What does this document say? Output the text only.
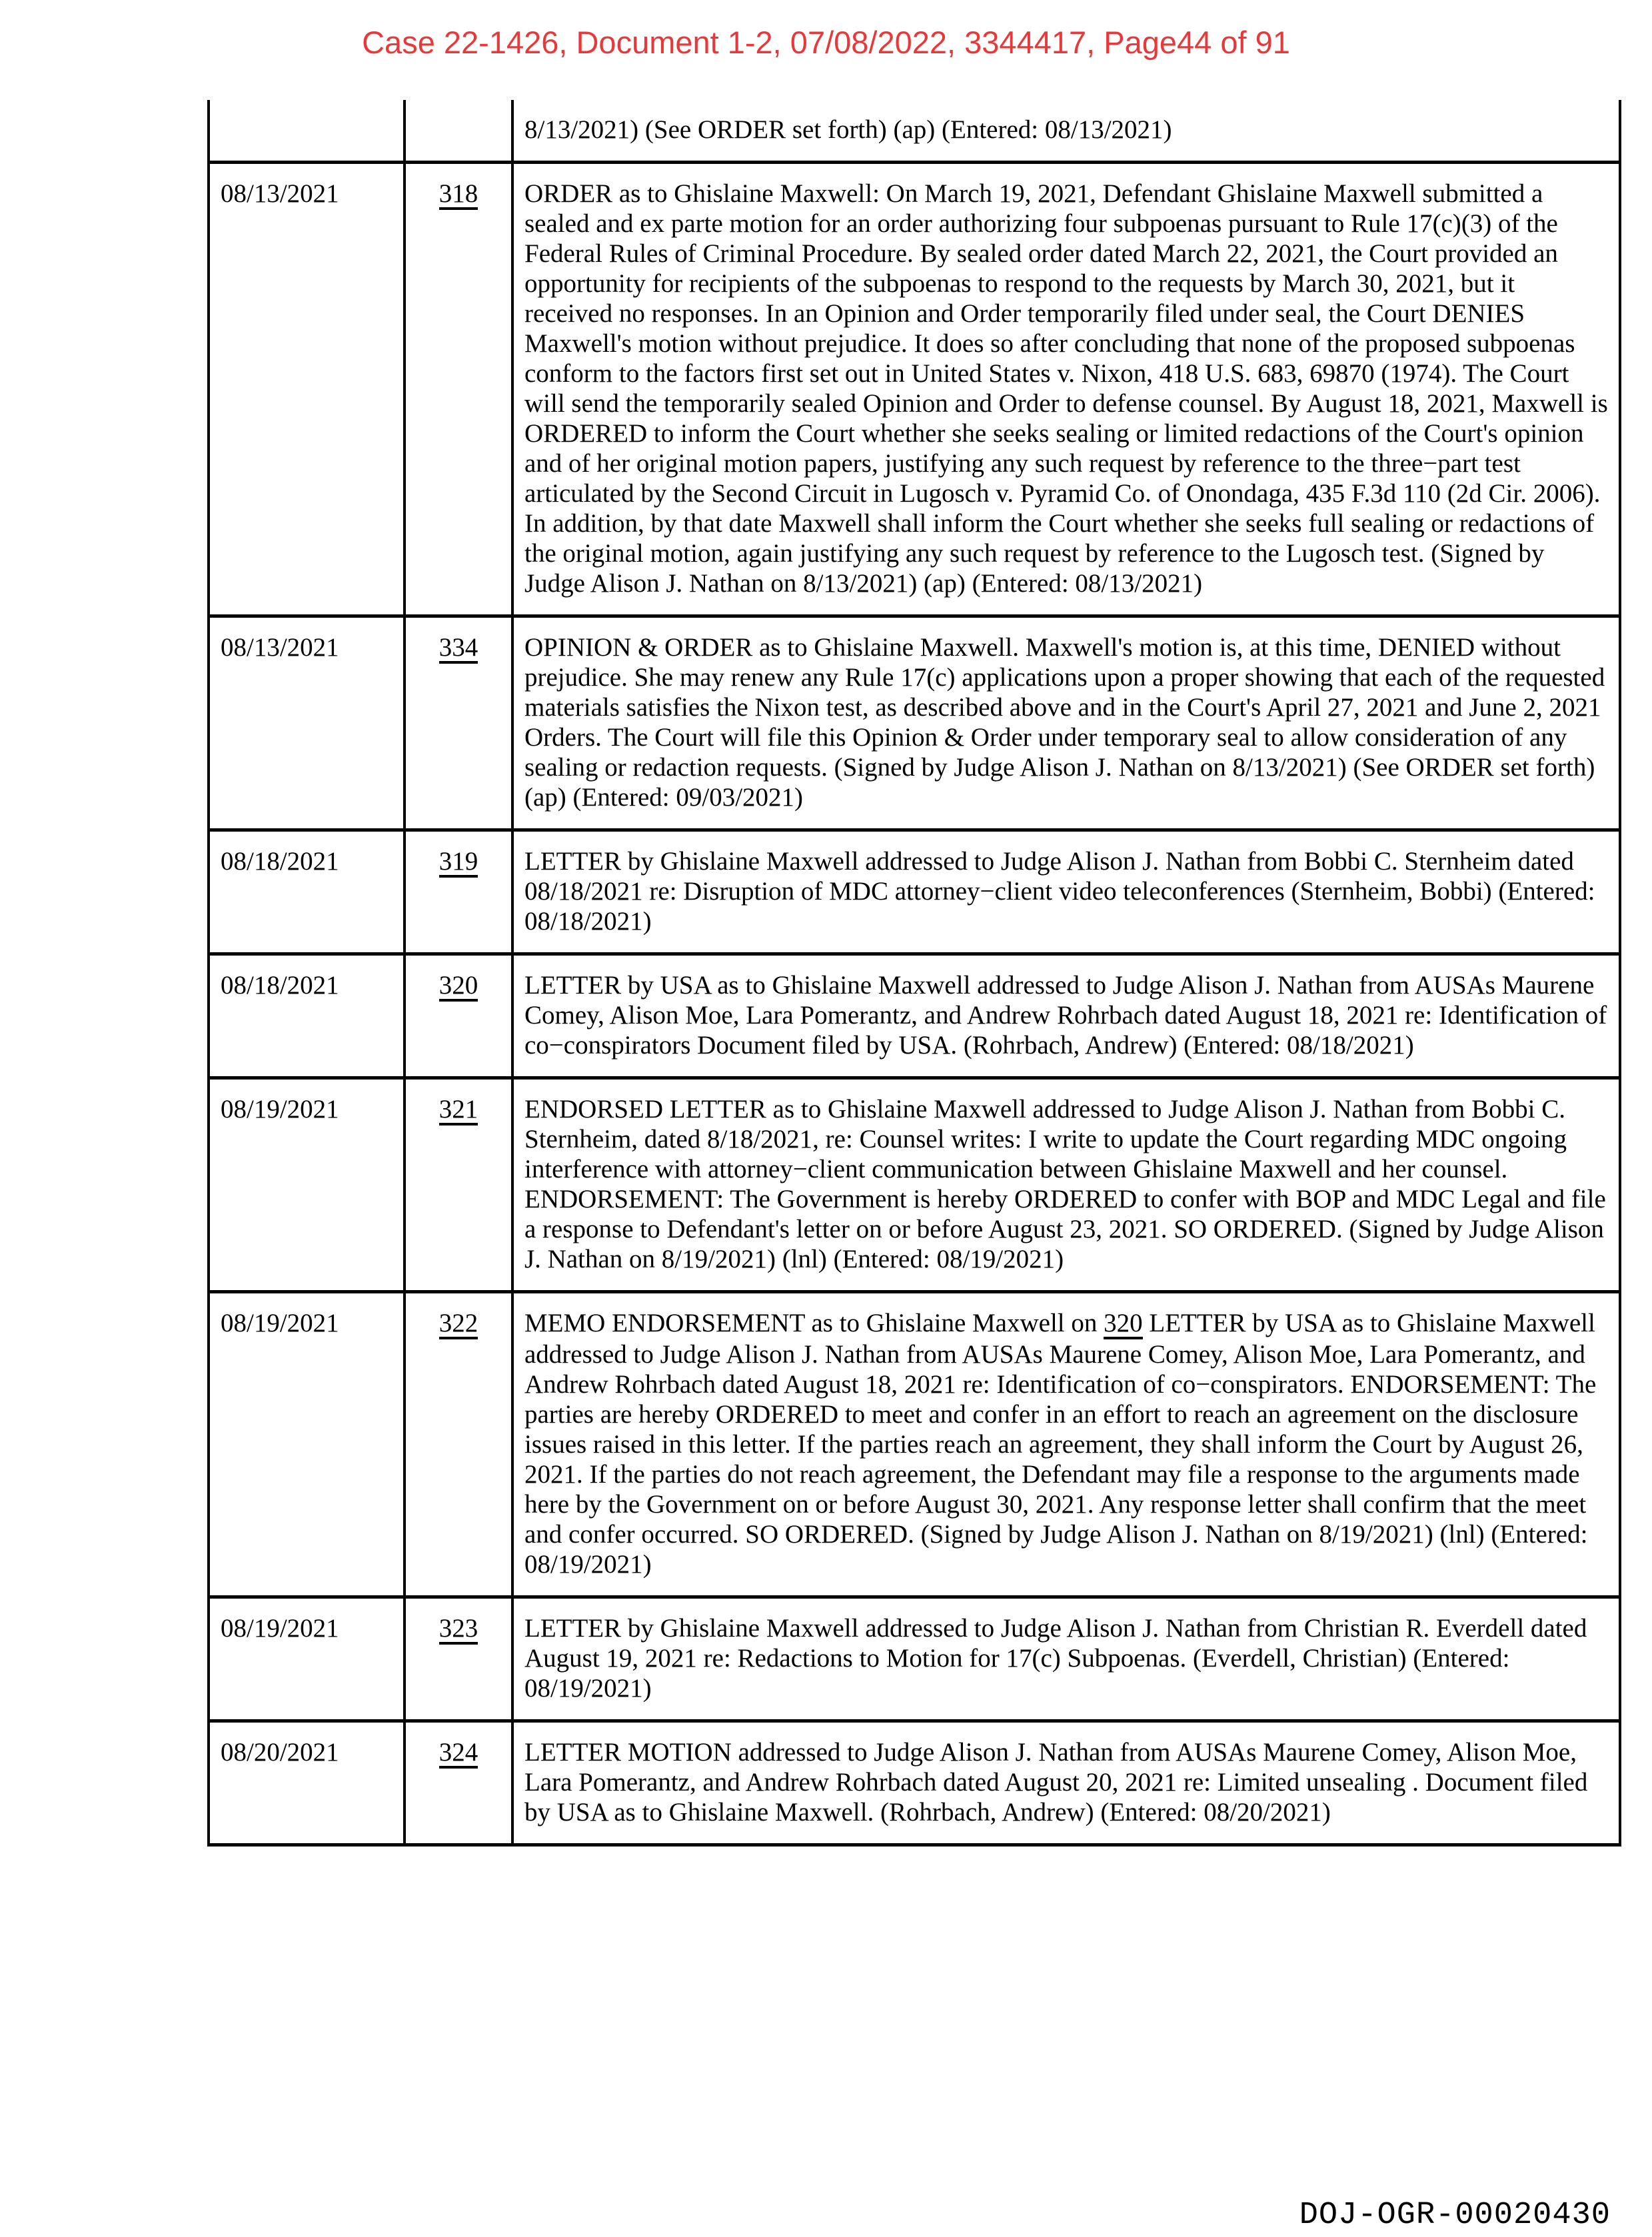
Case 22-1426, Document 1-2, 07/08/2022, 3344417, Page44 of 91
		8/13/2021) (See ORDER set forth) (ap) (Entered: 08/13/2021)
08/13/2021	318	ORDER as to Ghislaine Maxwell: On March 19, 2021, Defendant Ghislaine Maxwell submitted a sealed and ex parte motion for an order authorizing four subpoenas pursuant to Rule 17(c)(3) of the Federal Rules of Criminal Procedure. By sealed order dated March 22, 2021, the Court provided an opportunity for recipients of the subpoenas to respond to the requests by March 30, 2021, but it received no responses. In an Opinion and Order temporarily filed under seal, the Court DENIES Maxwell's motion without prejudice. It does so after concluding that none of the proposed subpoenas conform to the factors first set out in United States v. Nixon, 418 U.S. 683, 69870 (1974). The Court will send the temporarily sealed Opinion and Order to defense counsel. By August 18, 2021, Maxwell is ORDERED to inform the Court whether she seeks sealing or limited redactions of the Court's opinion and of her original motion papers, justifying any such request by reference to the three−part test articulated by the Second Circuit in Lugosch v. Pyramid Co. of Onondaga, 435 F.3d 110 (2d Cir. 2006). In addition, by that date Maxwell shall inform the Court whether she seeks full sealing or redactions of the original motion, again justifying any such request by reference to the Lugosch test. (Signed by Judge Alison J. Nathan on 8/13/2021) (ap) (Entered: 08/13/2021)
08/13/2021	334	OPINION & ORDER as to Ghislaine Maxwell. Maxwell's motion is, at this time, DENIED without prejudice. She may renew any Rule 17(c) applications upon a proper showing that each of the requested materials satisfies the Nixon test, as described above and in the Court's April 27, 2021 and June 2, 2021 Orders. The Court will file this Opinion & Order under temporary seal to allow consideration of any sealing or redaction requests. (Signed by Judge Alison J. Nathan on 8/13/2021) (See ORDER set forth) (ap) (Entered: 09/03/2021)
08/18/2021	319	LETTER by Ghislaine Maxwell addressed to Judge Alison J. Nathan from Bobbi C. Sternheim dated 08/18/2021 re: Disruption of MDC attorney−client video teleconferences (Sternheim, Bobbi) (Entered: 08/18/2021)
08/18/2021	320	LETTER by USA as to Ghislaine Maxwell addressed to Judge Alison J. Nathan from AUSAs Maurene Comey, Alison Moe, Lara Pomerantz, and Andrew Rohrbach dated August 18, 2021 re: Identification of co−conspirators Document filed by USA. (Rohrbach, Andrew) (Entered: 08/18/2021)
08/19/2021	321	ENDORSED LETTER as to Ghislaine Maxwell addressed to Judge Alison J. Nathan from Bobbi C. Sternheim, dated 8/18/2021, re: Counsel writes: I write to update the Court regarding MDC ongoing interference with attorney−client communication between Ghislaine Maxwell and her counsel. ENDORSEMENT: The Government is hereby ORDERED to confer with BOP and MDC Legal and file a response to Defendant's letter on or before August 23, 2021. SO ORDERED. (Signed by Judge Alison J. Nathan on 8/19/2021) (lnl) (Entered: 08/19/2021)
08/19/2021	322	MEMO ENDORSEMENT as to Ghislaine Maxwell on 320 LETTER by USA as to Ghislaine Maxwell addressed to Judge Alison J. Nathan from AUSAs Maurene Comey, Alison Moe, Lara Pomerantz, and Andrew Rohrbach dated August 18, 2021 re: Identification of co−conspirators. ENDORSEMENT: The parties are hereby ORDERED to meet and confer in an effort to reach an agreement on the disclosure issues raised in this letter. If the parties reach an agreement, they shall inform the Court by August 26, 2021. If the parties do not reach agreement, the Defendant may file a response to the arguments made here by the Government on or before August 30, 2021. Any response letter shall confirm that the meet and confer occurred. SO ORDERED. (Signed by Judge Alison J. Nathan on 8/19/2021) (lnl) (Entered: 08/19/2021)
08/19/2021	323	LETTER by Ghislaine Maxwell addressed to Judge Alison J. Nathan from Christian R. Everdell dated August 19, 2021 re: Redactions to Motion for 17(c) Subpoenas. (Everdell, Christian) (Entered: 08/19/2021)
08/20/2021	324	LETTER MOTION addressed to Judge Alison J. Nathan from AUSAs Maurene Comey, Alison Moe, Lara Pomerantz, and Andrew Rohrbach dated August 20, 2021 re: Limited unsealing . Document filed by USA as to Ghislaine Maxwell. (Rohrbach, Andrew) (Entered: 08/20/2021)
DOJ-OGR-00020430
